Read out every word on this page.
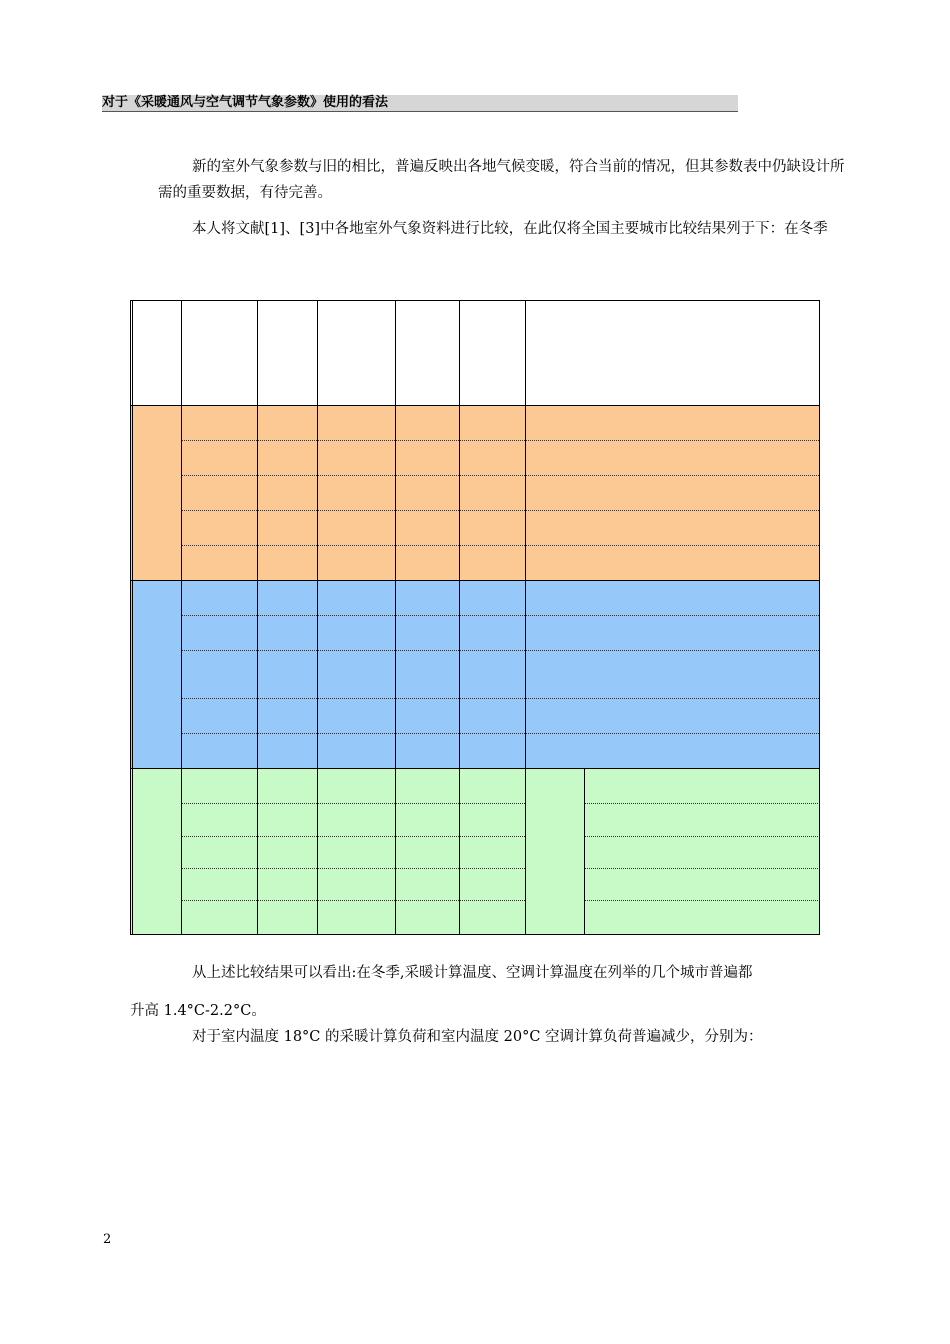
对于《采暖通风与空气调节气象参数》使用的看法
新的室外气象参数与旧的相比，普遍反映出各地气候变暖，符合当前的情况，但其参数表中仍缺设计所需的重要数据，有待完善。
本人将文献[1]、[3]中各地室外气象资料进行比较，在此仅将全国主要城市比较结果列于下：在冬季
从上述比较结果可以看出:在冬季,采暖计算温度、空调计算温度在列举的几个城市普遍都
升高 1.4°C-2.2°C。
对于室内温度 18°C 的采暖计算负荷和室内温度 20°C 空调计算负荷普遍减少，分别为：
2
